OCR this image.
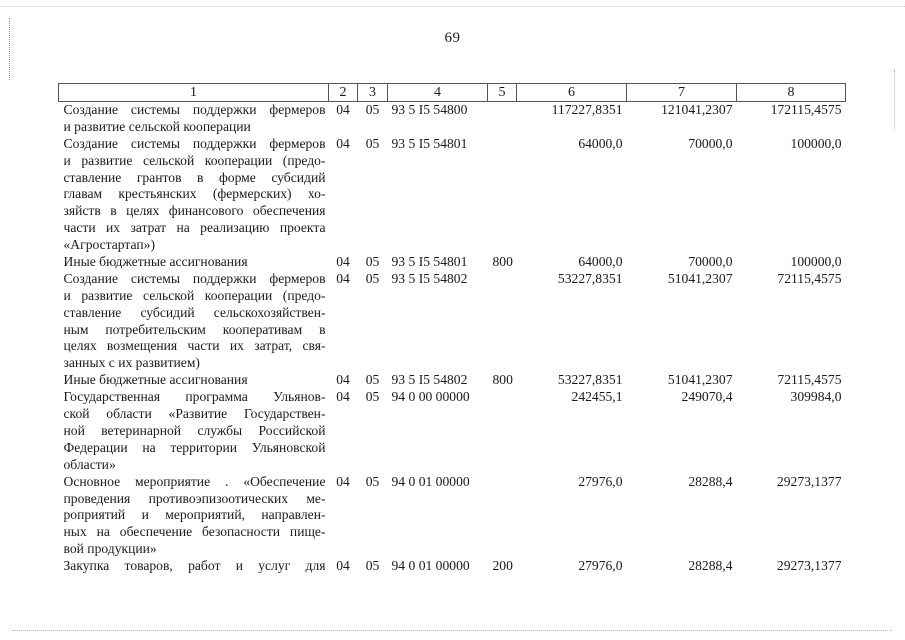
69
1	2	3	4	5	6	7	8

Создание системы поддержки фермеров
и развитие сельской кооперации	04	05	93 5 I5 54800		117227,8351	121041,2307	172115,4575

Создание системы поддержки фермеров
и развитие сельской кооперации (предо-
ставление грантов в форме субсидий
главам крестьянских (фермерских) хо-
зяйств в целях финансового обеспечения
части их затрат на реализацию проекта
«Агростартап»)
	04	05	93 5 I5 54801		64000,0	70000,0	100000,0

Иные бюджетные ассигнования	04	05	93 5 I5 54801	800	64000,0	70000,0	100000,0

Создание системы поддержки фермеров
и развитие сельской кооперации (предо-
ставление субсидий сельскохозяйствен-
ным потребительским кооперативам в
целях возмещения части их затрат, свя-
занных с их развитием)
	04	05	93 5 I5 54802		53227,8351	51041,2307	72115,4575

Иные бюджетные ассигнования	04	05	93 5 I5 54802	800	53227,8351	51041,2307	72115,4575

Государственная программа Ульянов-
ской области «Развитие Государствен-
ной ветеринарной службы Российской
Федерации на территории Ульяновской
области»	04	05	94 0 00 00000		242455,1	249070,4	309984,0

Основное мероприятие . «Обеспечение
проведения противоэпизоотических ме-
роприятий и мероприятий, направлен-
ных на обеспечение безопасности пище-
вой продукции»	04	05	94 0 01 00000		27976,0	28288,4	29273,1377

Закупка товаров, работ и услуг для	04	05	94 0 01 00000	200	27976,0	28288,4	29273,1377
